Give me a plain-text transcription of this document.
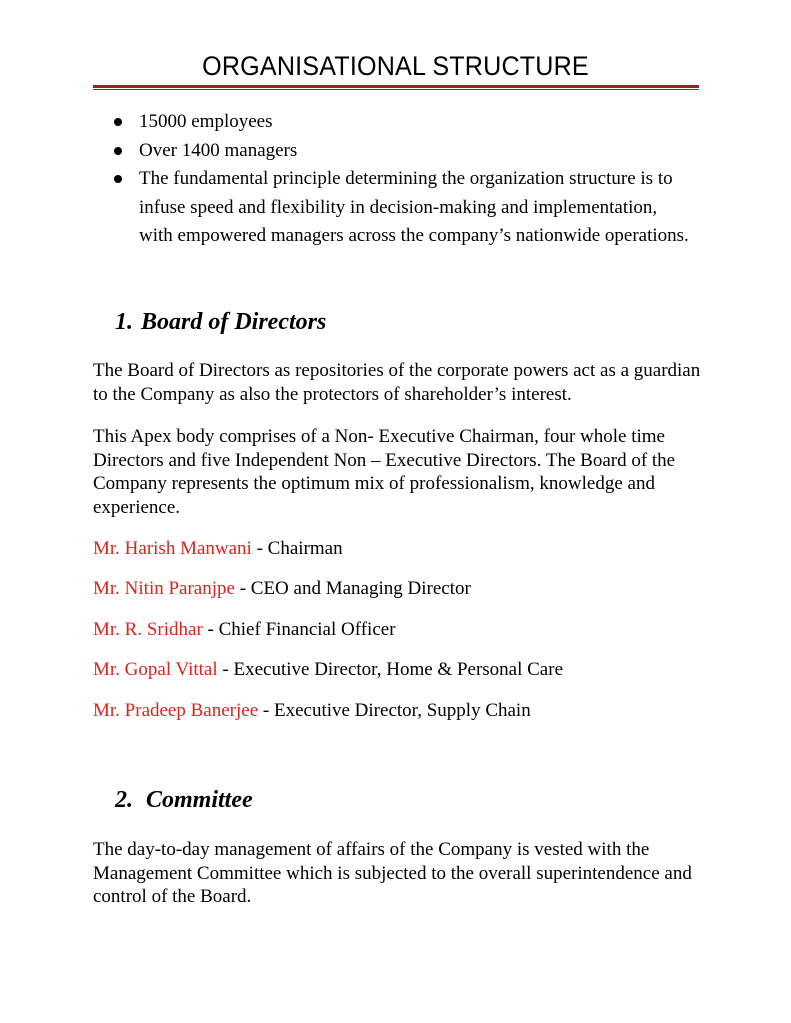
ORGANISATIONAL STRUCTURE
15000 employees
Over 1400 managers
The fundamental principle determining the organization structure is to infuse speed and flexibility in decision-making and implementation, with empowered managers across the company’s nationwide operations.
1. Board of Directors

The Board of Directors as repositories of the corporate powers act as a guardian to the Company as also the protectors of shareholder’s interest.

This Apex body comprises of a Non- Executive Chairman, four whole time Directors and five Independent Non – Executive Directors. The Board of the Company represents the optimum mix of professionalism, knowledge and experience.

Mr. Harish Manwani - Chairman
Mr. Nitin Paranjpe - CEO and Managing Director
Mr. R. Sridhar - Chief Financial Officer
Mr. Gopal Vittal - Executive Director, Home & Personal Care
Mr. Pradeep Banerjee - Executive Director, Supply Chain
2. Committee

The day-to-day management of affairs of the Company is vested with the Management Committee which is subjected to the overall superintendence and control of the Board.
